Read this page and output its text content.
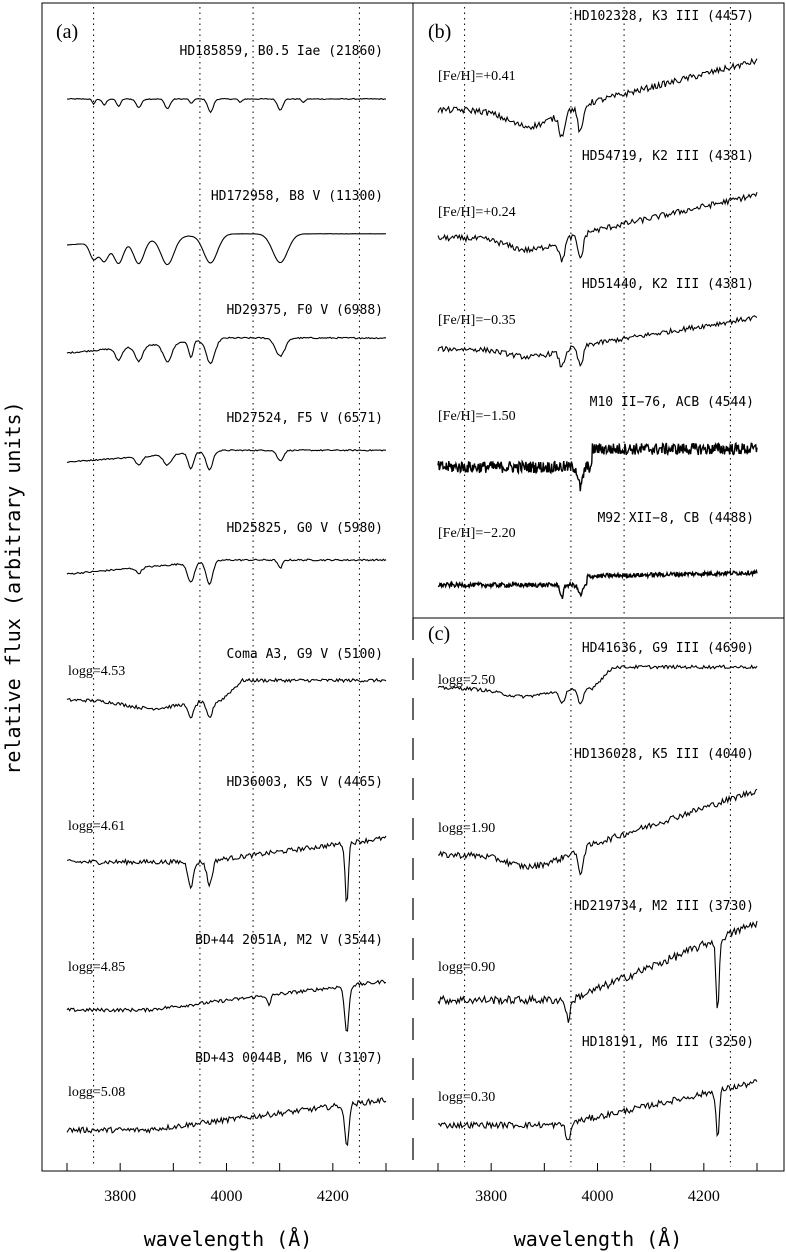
(a)
HD185859, B0.5 Iae (21860)
HD172958, B8 V (11300)
HD29375, F0 V (6988)
HD27524, F5 V (6571)
HD25825, G0 V (5980)
Coma A3, G9 V (5100)
logg=4.53
HD36003, K5 V (4465)
logg=4.61
BD+44 2051A, M2 V (3544)
logg=4.85
BD+43 0044B, M6 V (3107)
logg=5.08
(b)
HD102328, K3 III (4457)
[Fe/H]=+0.41
HD54719, K2 III (4381)
[Fe/H]=+0.24
HD51440, K2 III (4381)
[Fe/H]=−0.35
M10 II−76, ACB (4544)
[Fe/H]=−1.50
M92 XII−8, CB (4488)
[Fe/H]=−2.20
(c)
HD41636, G9 III (4690)
logg=2.50
HD136028, K5 III (4040)
logg=1.90
HD219734, M2 III (3730)
logg=0.90
HD18191, M6 III (3250)
logg=0.30
3800	4000	4200	3800	4000	4200
relative flux (arbitrary units)
wavelength (Å)	wavelength (Å)
